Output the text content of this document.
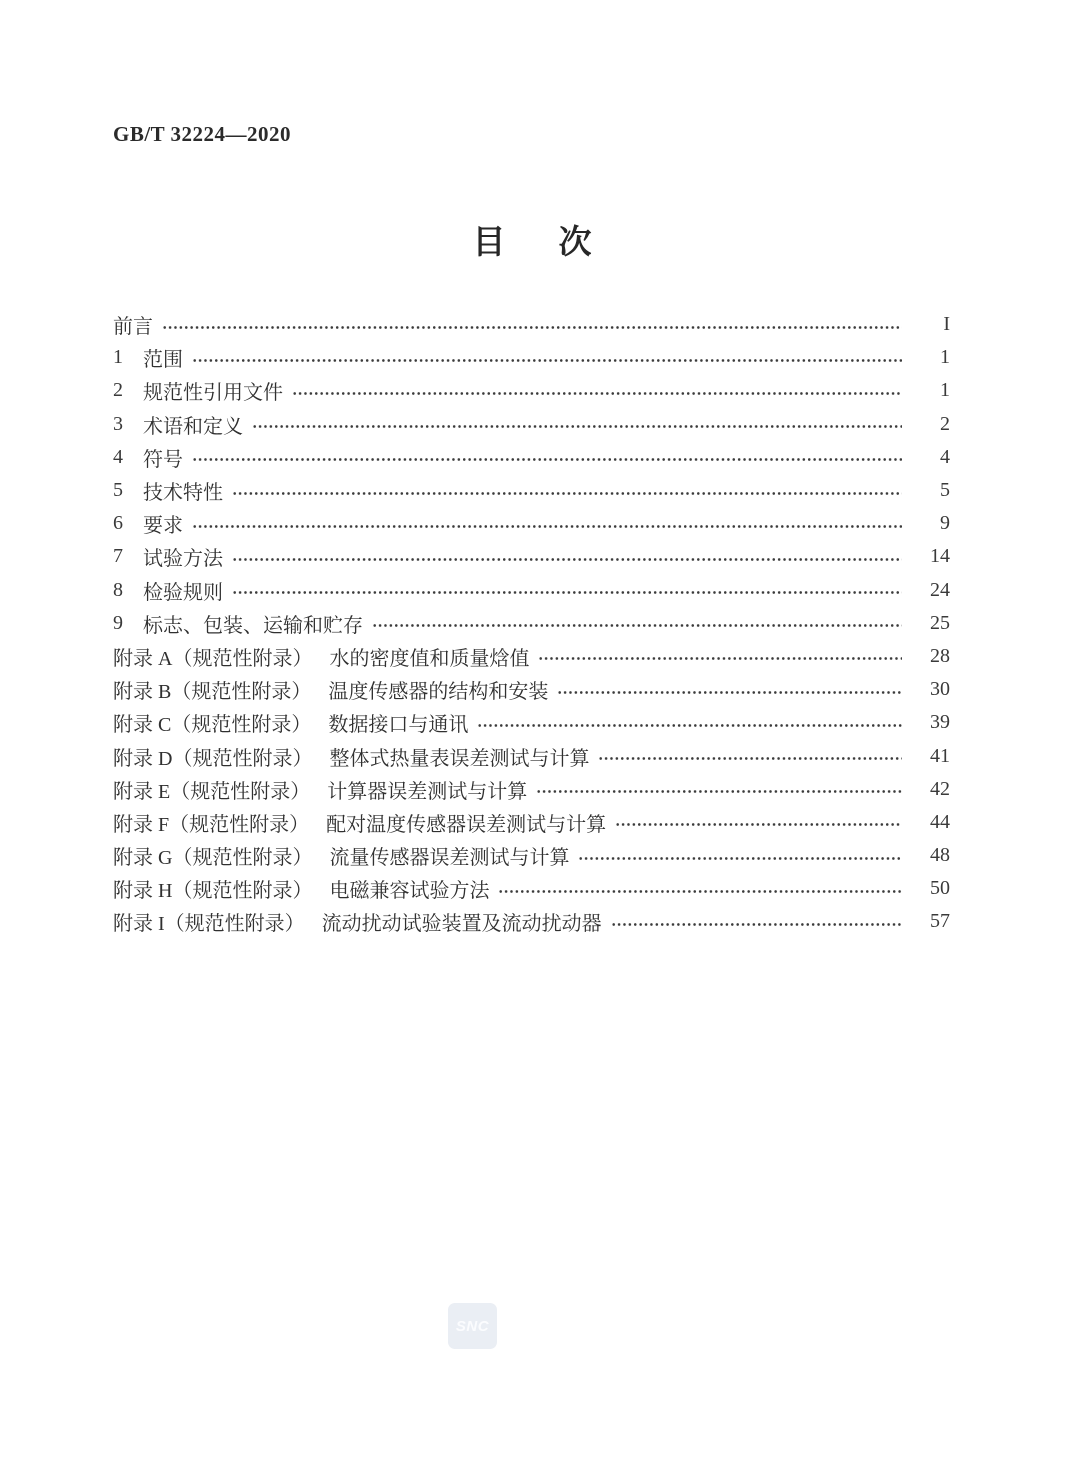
GB/T 32224—2020
目 次
前言	I
1	范围	1
2	规范性引用文件	1
3	术语和定义	2
4	符号	4
5	技术特性	5
6	要求	9
7	试验方法	14
8	检验规则	24
9	标志、包装、运输和贮存	25
附录 A（规范性附录） 水的密度值和质量焓值	28
附录 B（规范性附录） 温度传感器的结构和安装	30
附录 C（规范性附录） 数据接口与通讯	39
附录 D（规范性附录） 整体式热量表误差测试与计算	41
附录 E（规范性附录） 计算器误差测试与计算	42
附录 F（规范性附录） 配对温度传感器误差测试与计算	44
附录 G（规范性附录） 流量传感器误差测试与计算	48
附录 H（规范性附录） 电磁兼容试验方法	50
附录 I（规范性附录） 流动扰动试验装置及流动扰动器	57
SNC
